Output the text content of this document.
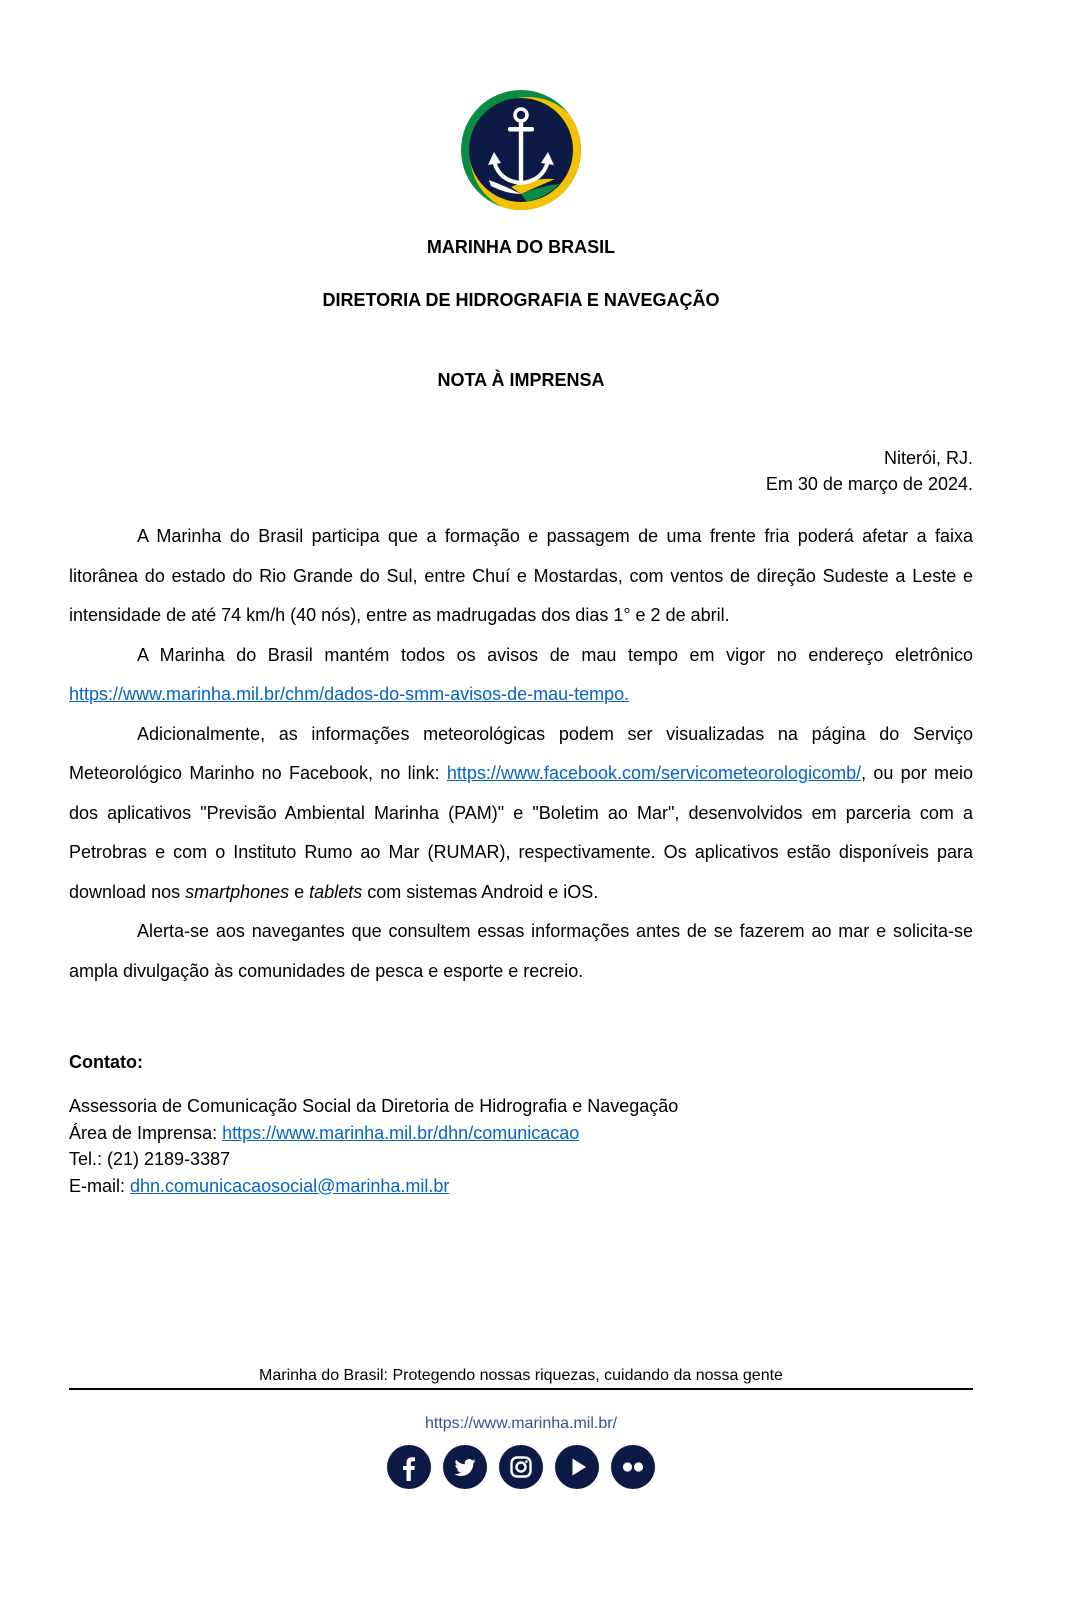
MARINHA DO BRASIL
DIRETORIA DE HIDROGRAFIA E NAVEGAÇÃO
NOTA À IMPRENSA
Niterói, RJ.
Em 30 de março de 2024.

A Marinha do Brasil participa que a formação e passagem de uma frente fria poderá afetar a faixa litorânea do estado do Rio Grande do Sul, entre Chuí e Mostardas, com ventos de direção Sudeste a Leste e intensidade de até 74 km/h (40 nós), entre as madrugadas dos dias 1° e 2 de abril.

A Marinha do Brasil mantém todos os avisos de mau tempo em vigor no endereço eletrônico https://www.marinha.mil.br/chm/dados-do-smm-avisos-de-mau-tempo.

Adicionalmente, as informações meteorológicas podem ser visualizadas na página do Serviço Meteorológico Marinho no Facebook, no link: https://www.facebook.com/servicometeorologicomb/, ou por meio dos aplicativos "Previsão Ambiental Marinha (PAM)" e "Boletim ao Mar", desenvolvidos em parceria com a Petrobras e com o Instituto Rumo ao Mar (RUMAR), respectivamente. Os aplicativos estão disponíveis para download nos smartphones e tablets com sistemas Android e iOS.

Alerta-se aos navegantes que consultem essas informações antes de se fazerem ao mar e solicita-se ampla divulgação às comunidades de pesca e esporte e recreio.

Contato:
Assessoria de Comunicação Social da Diretoria de Hidrografia e Navegação
Área de Imprensa: https://www.marinha.mil.br/dhn/comunicacao
Tel.: (21) 2189-3387
E-mail: dhn.comunicacaosocial@marinha.mil.br
Marinha do Brasil: Protegendo nossas riquezas, cuidando da nossa gente
https://www.marinha.mil.br/
